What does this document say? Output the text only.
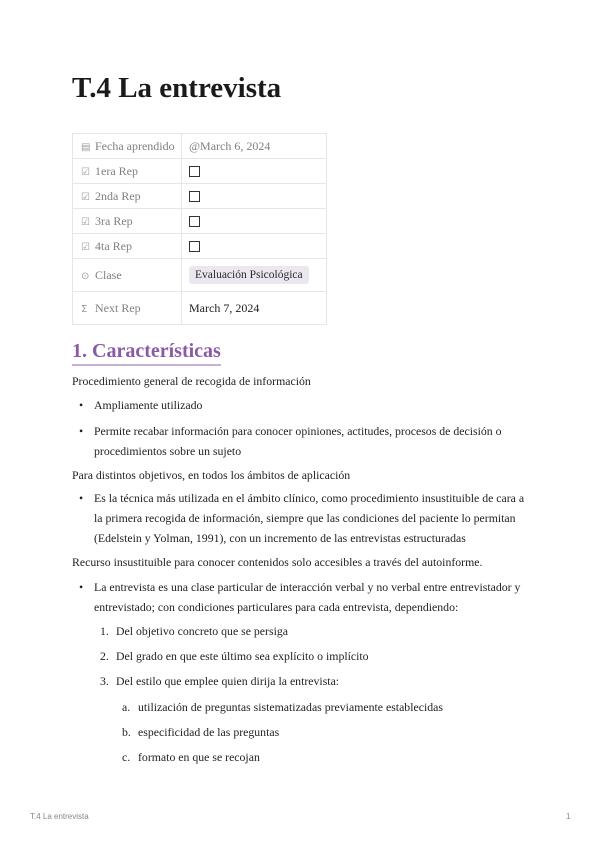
T.4 La entrevista
▤ Fecha aprendido	@March 6, 2024
☑ 1era Rep	
☑ 2nda Rep	
☑ 3ra Rep	
☑ 4ta Rep	
⊙ Clase	Evaluación Psicológica
Σ Next Rep	March 7, 2024
1. Características
Procedimiento general de recogida de información
• Ampliamente utilizado
• Permite recabar información para conocer opiniones, actitudes, procesos de decisión o procedimientos sobre un sujeto
Para distintos objetivos, en todos los ámbitos de aplicación
• Es la técnica más utilizada en el ámbito clínico, como procedimiento insustituible de cara a la primera recogida de información, siempre que las condiciones del paciente lo permitan (Edelstein y Yolman, 1991), con un incremento de las entrevistas estructuradas
Recurso insustituible para conocer contenidos solo accesibles a través del autoinforme.
• La entrevista es una clase particular de interacción verbal y no verbal entre entrevistador y entrevistado; con condiciones particulares para cada entrevista, dependiendo:
1. Del objetivo concreto que se persiga
2. Del grado en que este último sea explícito o implícito
3. Del estilo que emplee quien dirija la entrevista:
a. utilización de preguntas sistematizadas previamente establecidas
b. especificidad de las preguntas
c. formato en que se recojan
T.4 La entrevista	1
